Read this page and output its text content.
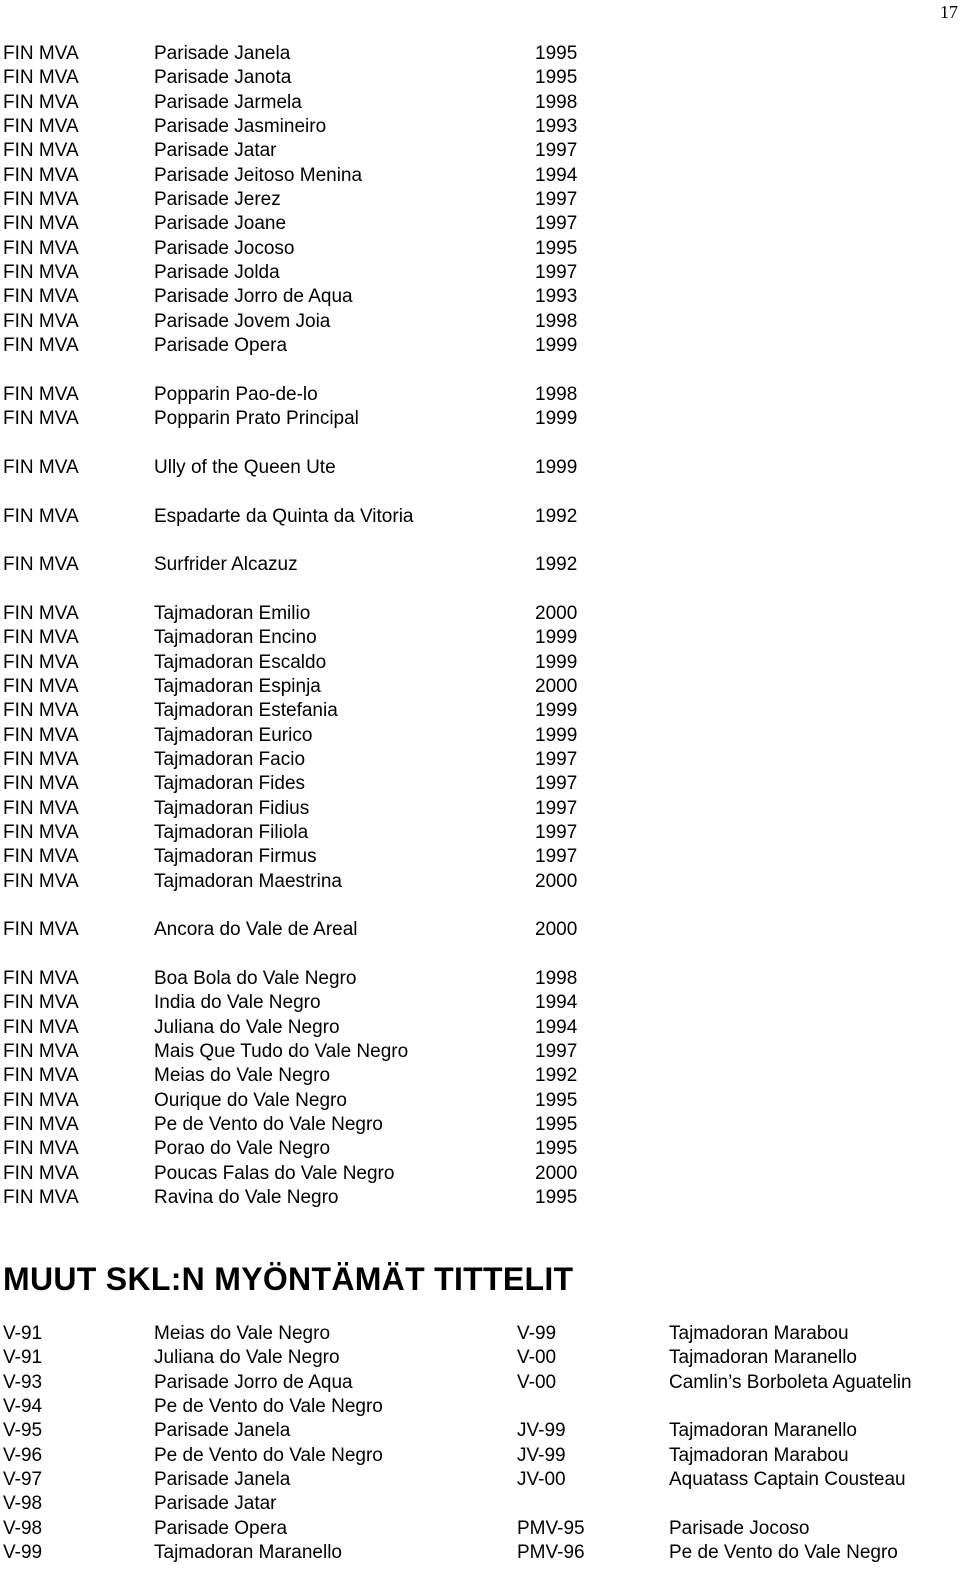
17
FIN MVA	Parisade Janela	1995
FIN MVA	Parisade Janota	1995
FIN MVA	Parisade Jarmela	1998
FIN MVA	Parisade Jasmineiro	1993
FIN MVA	Parisade Jatar	1997
FIN MVA	Parisade Jeitoso Menina	1994
FIN MVA	Parisade Jerez	1997
FIN MVA	Parisade Joane	1997
FIN MVA	Parisade Jocoso	1995
FIN MVA	Parisade Jolda	1997
FIN MVA	Parisade Jorro de Aqua	1993
FIN MVA	Parisade Jovem Joia	1998
FIN MVA	Parisade Opera	1999
FIN MVA	Popparin Pao-de-lo	1998
FIN MVA	Popparin Prato Principal	1999
FIN MVA	Ully of the Queen Ute	1999
FIN MVA	Espadarte da Quinta da Vitoria	1992
FIN MVA	Surfrider Alcazuz	1992
FIN MVA	Tajmadoran Emilio	2000
FIN MVA	Tajmadoran Encino	1999
FIN MVA	Tajmadoran Escaldo	1999
FIN MVA	Tajmadoran Espinja	2000
FIN MVA	Tajmadoran Estefania	1999
FIN MVA	Tajmadoran Eurico	1999
FIN MVA	Tajmadoran Facio	1997
FIN MVA	Tajmadoran Fides	1997
FIN MVA	Tajmadoran Fidius	1997
FIN MVA	Tajmadoran Filiola	1997
FIN MVA	Tajmadoran Firmus	1997
FIN MVA	Tajmadoran Maestrina	2000
FIN MVA	Ancora do Vale de Areal	2000
FIN MVA	Boa Bola do Vale Negro	1998
FIN MVA	India do Vale Negro	1994
FIN MVA	Juliana do Vale Negro	1994
FIN MVA	Mais Que Tudo do Vale Negro	1997
FIN MVA	Meias do Vale Negro	1992
FIN MVA	Ourique do Vale Negro	1995
FIN MVA	Pe de Vento do Vale Negro	1995
FIN MVA	Porao do Vale Negro	1995
FIN MVA	Poucas Falas do Vale Negro	2000
FIN MVA	Ravina do Vale Negro	1995
MUUT SKL:N MYÖNTÄMÄT TITTELIT
V-91	Meias do Vale Negro	V-99	Tajmadoran Marabou
V-91	Juliana do Vale Negro	V-00	Tajmadoran Maranello
V-93	Parisade Jorro de Aqua	V-00	Camlin’s Borboleta Aguatelin
V-94	Pe de Vento do Vale Negro
V-95	Parisade Janela	JV-99	Tajmadoran Maranello
V-96	Pe de Vento do Vale Negro	JV-99	Tajmadoran Marabou
V-97	Parisade Janela	JV-00	Aquatass Captain Cousteau
V-98	Parisade Jatar
V-98	Parisade Opera	PMV-95	Parisade Jocoso
V-99	Tajmadoran Maranello	PMV-96	Pe de Vento do Vale Negro
